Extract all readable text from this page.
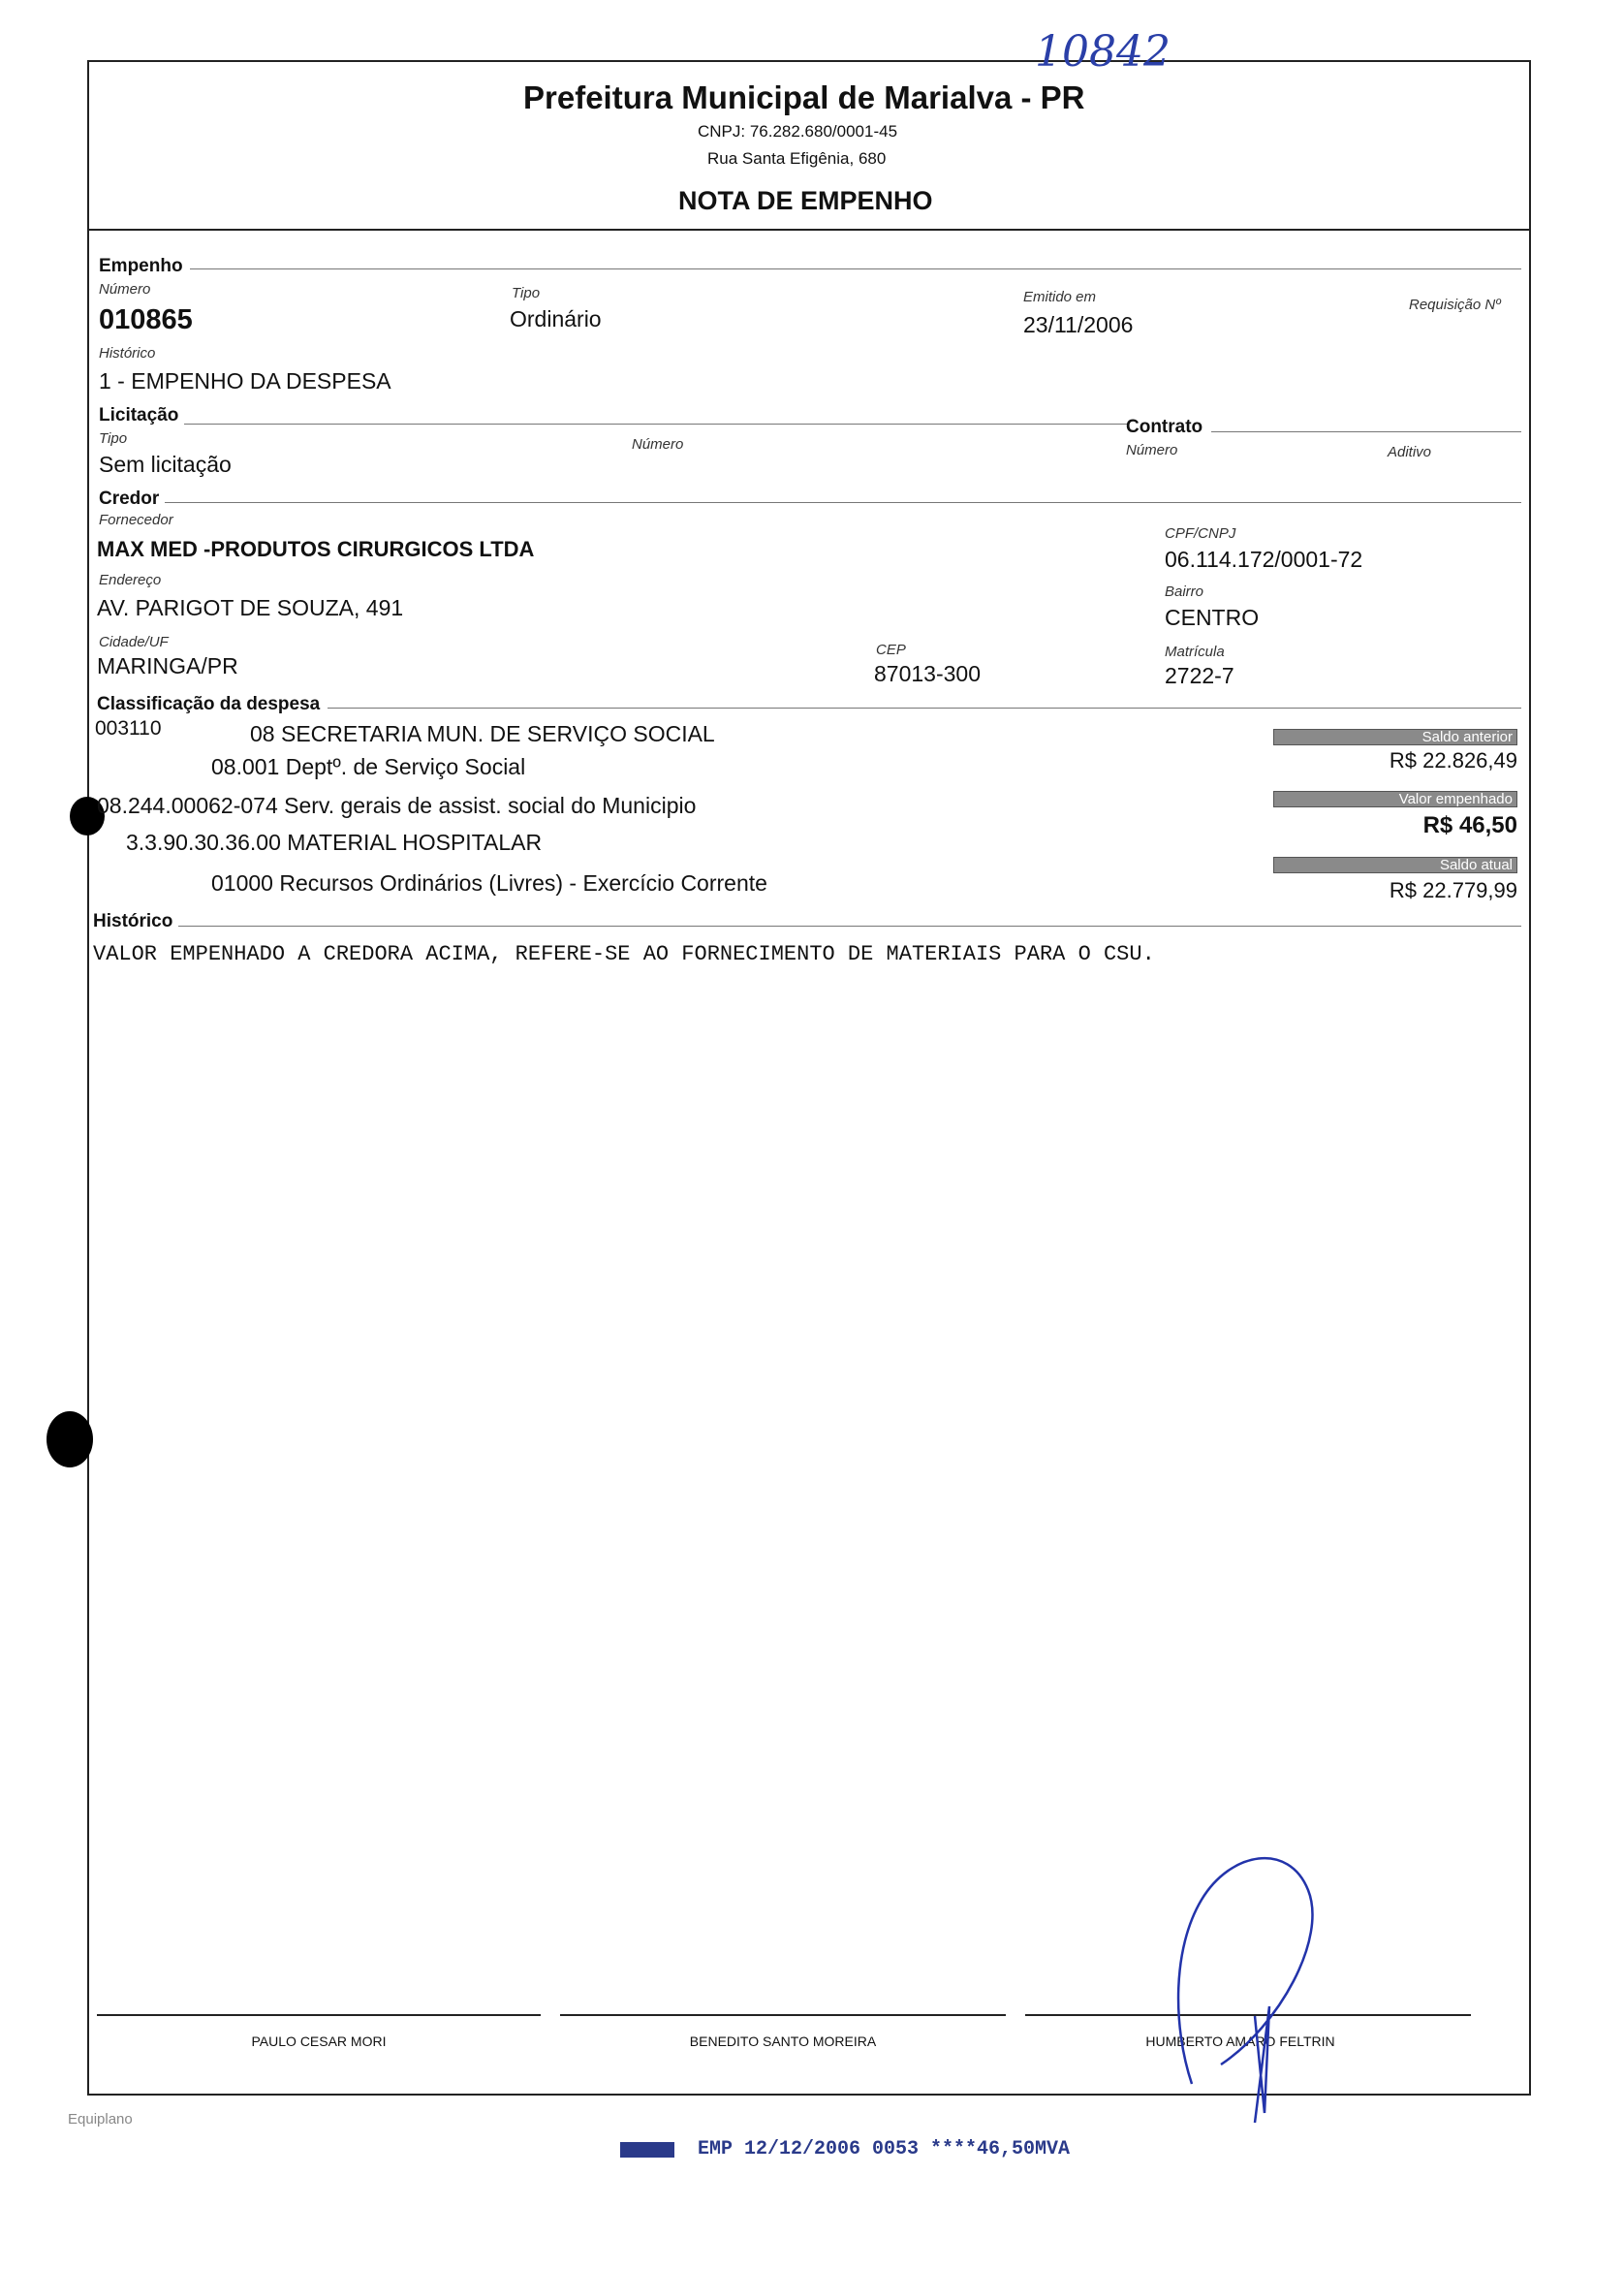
10842
Prefeitura Municipal de Marialva - PR
CNPJ: 76.282.680/0001-45
Rua Santa Efigênia, 680
NOTA DE EMPENHO
Empenho
Número
010865
Tipo
Ordinário
Emitido em
23/11/2006
Requisição Nº
Histórico
1 - EMPENHO DA DESPESA
Licitação
Tipo
Sem licitação
Número
Contrato
Número	Aditivo
Credor
Fornecedor
MAX MED -PRODUTOS CIRURGICOS LTDA
CPF/CNPJ
06.114.172/0001-72
Endereço
AV. PARIGOT DE SOUZA, 491
Bairro
CENTRO
Cidade/UF
MARINGA/PR
CEP
87013-300
Matrícula
2722-7
Classificação da despesa
003110	08 SECRETARIA MUN. DE SERVIÇO SOCIAL
08.001 Deptº. de Serviço Social
08.244.00062-074 Serv. gerais de assist. social do Municipio
3.3.90.30.36.00 MATERIAL HOSPITALAR
01000 Recursos Ordinários (Livres) - Exercício Corrente
Saldo anterior
R$ 22.826,49
Valor empenhado
R$ 46,50
Saldo atual
R$ 22.779,99
Histórico
VALOR EMPENHADO A CREDORA ACIMA, REFERE-SE AO FORNECIMENTO DE MATERIAIS PARA O CSU.
PAULO CESAR MORI	BENEDITO SANTO MOREIRA	HUMBERTO AMARO FELTRIN
Equiplano
EMP 12/12/2006 0053 ****46,50MVA
